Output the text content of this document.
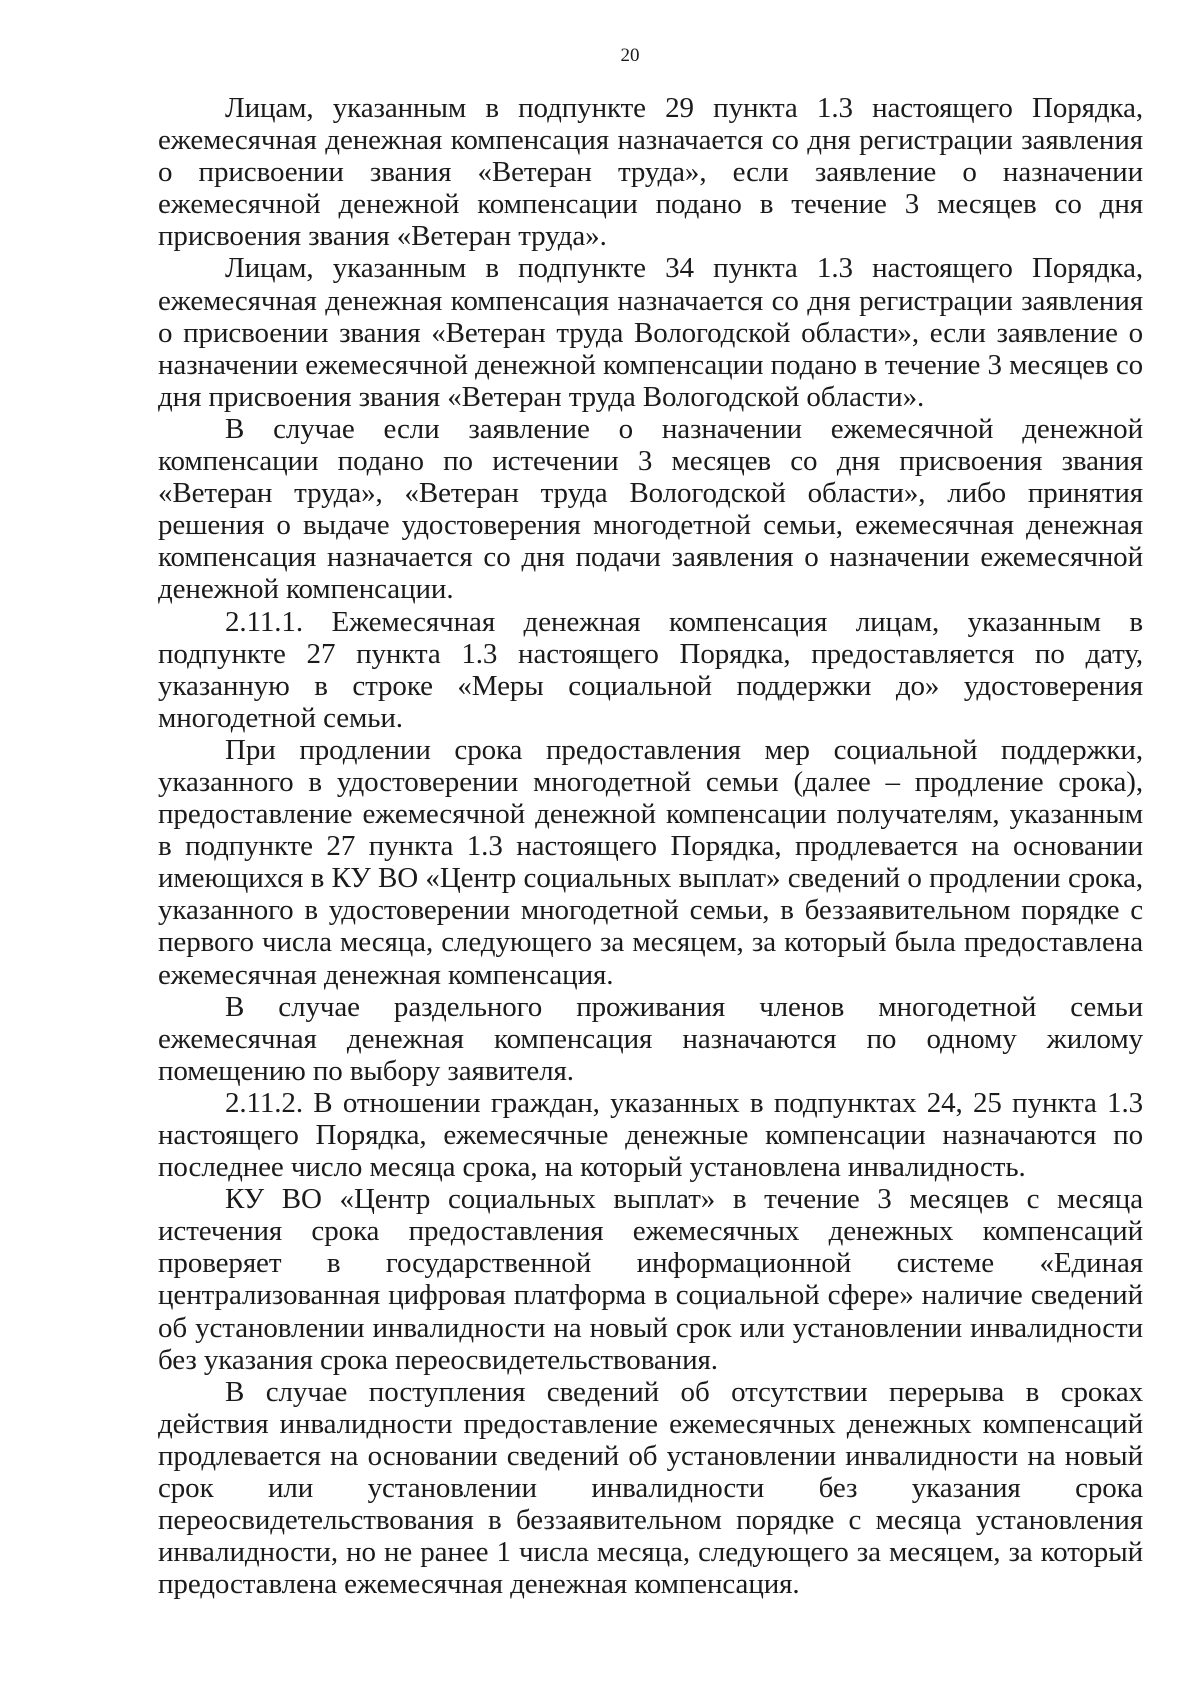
20

Лицам, указанным в подпункте 29 пункта 1.3 настоящего Порядка, ежемесячная денежная компенсация назначается со дня регистрации заявления о присвоении звания «Ветеран труда», если заявление о назначении ежемесячной денежной компенсации подано в течение 3 месяцев со дня присвоения звания «Ветеран труда».

Лицам, указанным в подпункте 34 пункта 1.3 настоящего Порядка, ежемесячная денежная компенсация назначается со дня регистрации заявления о присвоении звания «Ветеран труда Вологодской области», если заявление о назначении ежемесячной денежной компенсации подано в течение 3 месяцев со дня присвоения звания «Ветеран труда Вологодской области».

В случае если заявление о назначении ежемесячной денежной компенсации подано по истечении 3 месяцев со дня присвоения звания «Ветеран труда», «Ветеран труда Вологодской области», либо принятия решения о выдаче удостоверения многодетной семьи, ежемесячная денежная компенсация назначается со дня подачи заявления о назначении ежемесячной денежной компенсации.

2.11.1. Ежемесячная денежная компенсация лицам, указанным в подпункте 27 пункта 1.3 настоящего Порядка, предоставляется по дату, указанную в строке «Меры социальной поддержки до» удостоверения многодетной семьи.

При продлении срока предоставления мер социальной поддержки, указанного в удостоверении многодетной семьи (далее – продление срока), предоставление ежемесячной денежной компенсации получателям, указанным в подпункте 27 пункта 1.3 настоящего Порядка, продлевается на основании имеющихся в КУ ВО «Центр социальных выплат» сведений о продлении срока, указанного в удостоверении многодетной семьи, в беззаявительном порядке с первого числа месяца, следующего за месяцем, за который была предоставлена ежемесячная денежная компенсация.

В случае раздельного проживания членов многодетной семьи ежемесячная денежная компенсация назначаются по одному жилому помещению по выбору заявителя.

2.11.2. В отношении граждан, указанных в подпунктах 24, 25 пункта 1.3 настоящего Порядка, ежемесячные денежные компенсации назначаются по последнее число месяца срока, на который установлена инвалидность.

КУ ВО «Центр социальных выплат» в течение 3 месяцев с месяца истечения срока предоставления ежемесячных денежных компенсаций проверяет в государственной информационной системе «Единая централизованная цифровая платформа в социальной сфере» наличие сведений об установлении инвалидности на новый срок или установлении инвалидности без указания срока переосвидетельствования.

В случае поступления сведений об отсутствии перерыва в сроках действия инвалидности предоставление ежемесячных денежных компенсаций продлевается на основании сведений об установлении инвалидности на новый срок или установлении инвалидности без указания срока переосвидетельствования в беззаявительном порядке с месяца установления инвалидности, но не ранее 1 числа месяца, следующего за месяцем, за который предоставлена ежемесячная денежная компенсация.
